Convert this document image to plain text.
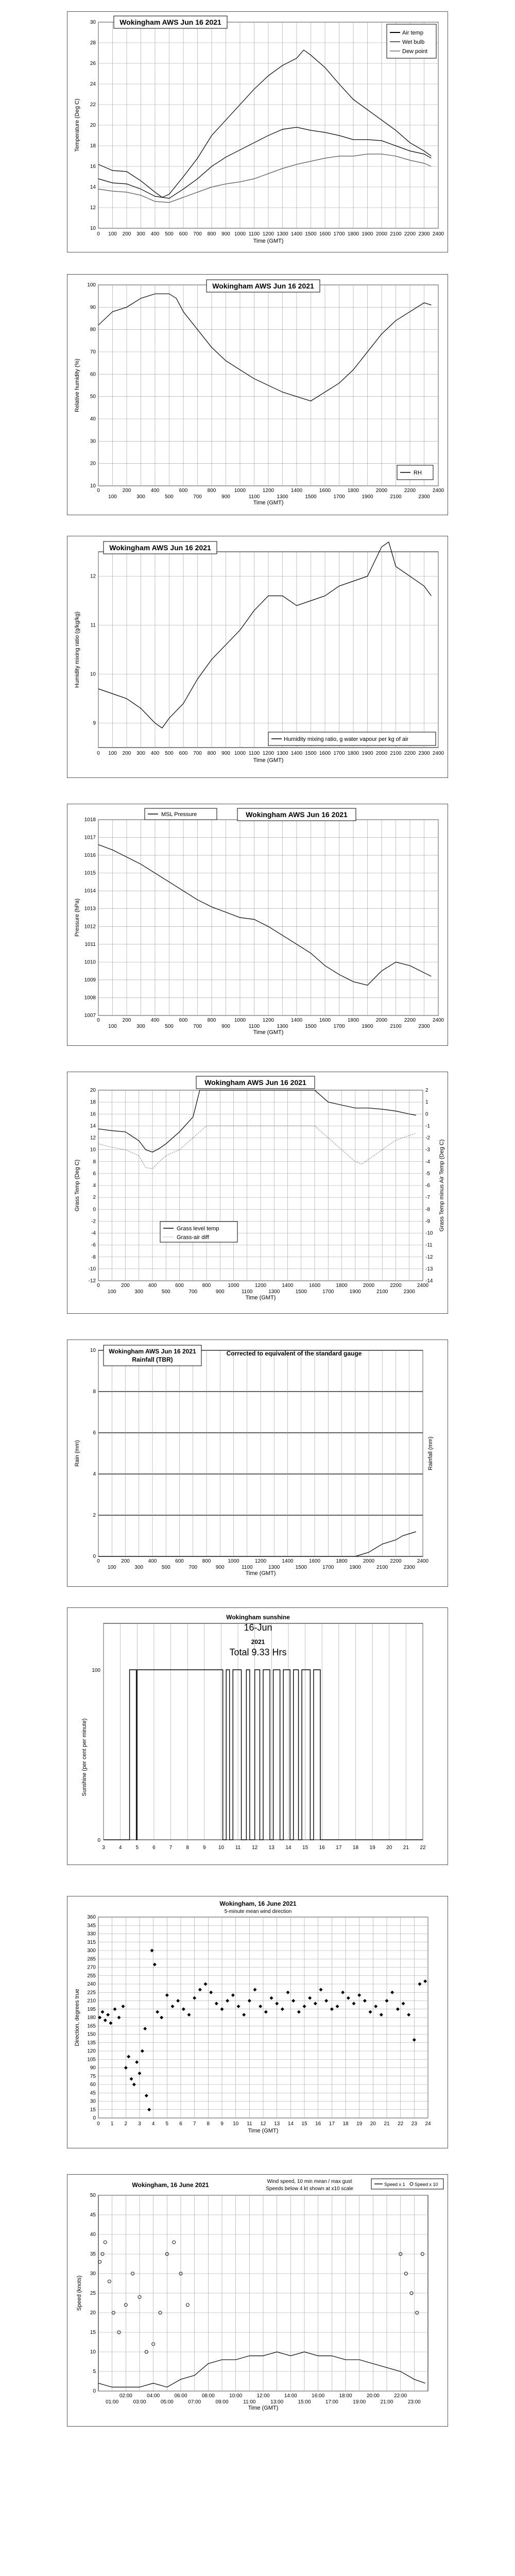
10
12
14
16
18
20
22
24
26
28
30
0 100 200 300 400 500 600 700 800 900 1000 1100 1200 1300 1400 1500 1600 1700 1800 1900 2000 2100 2200 2300 2400
Time (GMT)
Temperature (Deg C)
Wokingham AWS Jun 16 2021
Air temp
Wet bulb
Dew point
10
20
30
40
50
60
70
80
90
100
0	200	400	600	800	1000	1200	1400	1600	1800	2000	2200	2400
100	300	500	700	900	1100	1300	1500	1700	1900	2100	2300
Time (GMT)
Relative humidity (%)
Wokingham AWS Jun 16 2021
RH
9
10
11
12
0 100 200 300 400 500 600 700 800 900 1000 1100 1200 1300 1400 1500 1600 1700 1800 1900 2000 2100 2200 2300 2400
Time (GMT)
Humidity mixing ratio (g/kg/kg)
Wokingham AWS Jun 16 2021
Humidity mixing ratio, g water vapour per kg of air
1007
1008
1009
1010
1011
1012
1013
1014
1015
1016
1017
1018
0	200	400	600	800	1000	1200	1400	1600	1800	2000	2200	2400
100	300	500	700	900	1100	1300	1500	1700	1900	2100	2300
Time (GMT)
Pressure (hPa)
MSL Pressure	Wokingham AWS Jun 16 2021
-12
-10
-8
-6
-4
-2
0
2
4
6
8
10
12
14
16
18
20
0	200	400	600	800	1000	1200	1400	1600	1800	2000	2200	2400
100	300	500	700	900	1100	1300	1500	1700	1900	2100	2300
Time (GMT)
Grass Temp (Deg C)
Wokingham AWS Jun 16 2021
-14
-13
-12
-11
-10
-9
-8
-7
-6
-5
-4
-3
-2
-1
0
1
2
Grass Temp minus Air Temp (Deg C)
Grass level temp
Grass-air diff
0
2
4
6
8
10
0	200	400	600	800	1000	1200	1400	1600	1800	2000	2200	2400
100	300	500	700	900	1100	1300	1500	1700	1900	2100	2300
Time (GMT)
Rain (mm)
Wokingham AWS Jun 16 2021
Rainfall (TBR)
Corrected to equivalent of the standard gauge
Rainfall (mm)
3	4	5	6	7	8	9 10 11 12 13 14 15 16 17 18 19 20 21 22
0
100
Sunshine (per cent per minute)
Wokingham sunshine
16-Jun
2021
Total 9.33 Hrs
0
15
30
45
60
75
90
105
120
135
150
165
180
195
210
225
240
255
270
285
300
315
330
345
360
0 1 2 3 4 5 6 7 8 9 10 11 12 13 14 15 16 17 18 19 20 21 22 23 24
Time (GMT)
Direction, degrees true
Wokingham, 16 June 2021
5-minute mean wind direction
0
5
10
15
20
25
30
35
40
45
50
02:00	04:00	06:00	08:00	10:00	12:00	14:00	16:00	18:00	20:00	22:00
01:00	03:00	05:00	07:00	09:00	11:00	13:00	15:00	17:00	19:00	21:00	23:00
Time (GMT)
Speed (knots)
Wokingham, 16 June 2021	Wind speed, 10 min mean / max gust
Speeds below 4 kt shown at x10 scale
Speed x 1 Speed x 10
